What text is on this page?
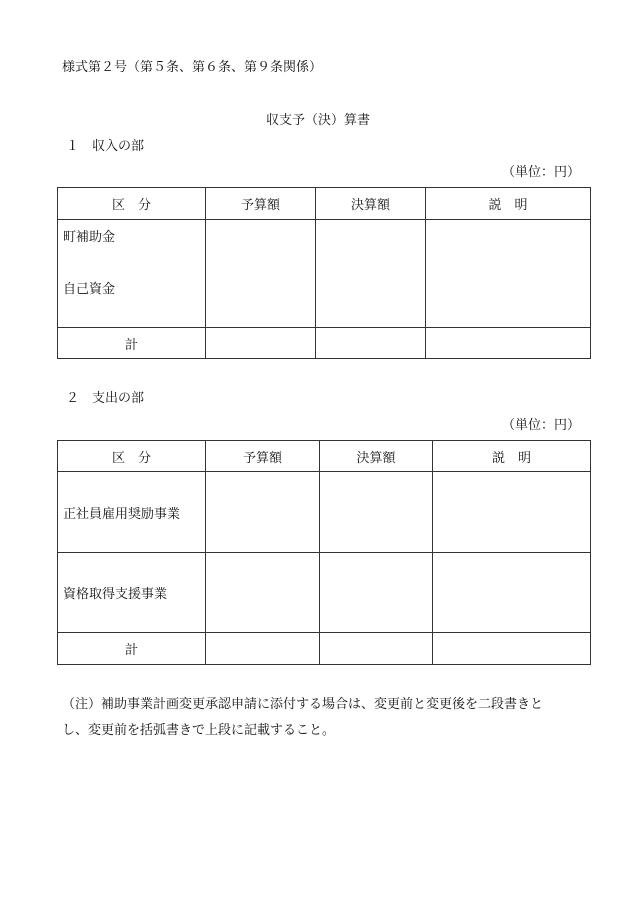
様式第２号（第５条、第６条、第９条関係）
収支予（決）算書
１　収入の部
（単位：円）
区　分	予算額	決算額	説　明

町補助金
自己資金			

計			
２　支出の部
（単位：円）
区　分	予算額	決算額	説　明
正社員雇用奨励事業			
資格取得支援事業			
計			
（注）補助事業計画変更承認申請に添付する場合は、変更前と変更後を二段書きと
し、変更前を括弧書きで上段に記載すること。
